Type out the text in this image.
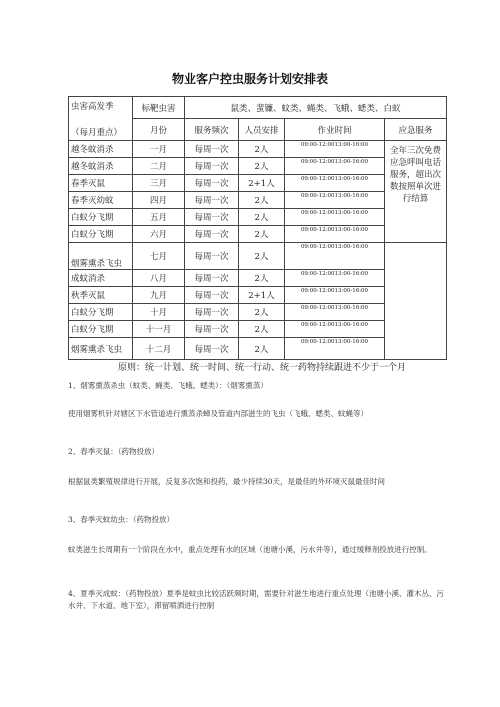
物业客户控虫服务计划安排表
虫害高发季
（每月重点）	标靶虫害	鼠类、蜚镰、蚊类、蝇类、飞蛾、蟋类、白蚁			
	月份	服务频次	人员安排	作业时间	应急服务
越冬蚊消杀	一月	每周一次	2人	09:00-12:0013:00-16:00	全年三次免费应急呼叫电话服务，超出次数按照单次进行结算
越冬蚊消杀	二月	每周一次	2人	09:00-12:0013:00-16:00	
春季灭鼠	三月	每周一次	2+1人	09:00-12:0013:00-16:00	
春季灭幼蚊	四月	每周一次	2人	09:00-12:0013:00-16:00	
白蚁分飞期	五月	每周一次	2人	09:00-12:0013:00-16:00	
白蚁分飞期	六月	每周一次	2人	09:00-12:0013:00-16:00	
烟雾熏杀飞虫	七月	每周一次	2人	09:00-12:0013:00-16:00	
成蚊消杀	八月	每周一次	2人	09:00-12:0013:00-16:00	
秋季灭鼠	九月	每周一次	2+1人	09:00-12:0013:00-16:00	
白蚁分飞期	十月	每周一次	2人	09:00-12:0013:00-16:00	
白蚁分飞期	十一月	每周一次	2人	09:00-12:0013:00-16:00	
烟雾熏杀飞虫	十二月	每周一次	2人	09:00-12:0013:00-16:00	
原则：统一计划、统一时间、统一行动、统一药物持续跟进不少于一个月
1、烟雾熏蒸杀虫（蚊类、蝇类、飞蛾、蟋类）：（烟雾熏蒸）
使用烟雾机针对辖区下水管道进行熏蒸杀蟑及管道内部滋生的飞虫（飞蛾、蟋类、蚊蝇等）
2、春季灭鼠：（药物投放）
根据鼠类繁殖规律进行开展，反复多次饱和投药，最少持续30天，是最佳的外环境灭鼠最佳时间
3、春季灭蚊幼虫：（药物投放）
蚊类滋生长周期有一个阶段在水中，重点处理有水的区域（池塘小溪，污水井等），通过缓释剂投放进行控制。
4、夏季灭成蚊：（药物投放）夏季是蚊虫比较活跃频时期，需要针对滋生地进行重点处理（池塘小溪、灌木丛、污水井、下水道、地下室），滞留喷洒进行控制
